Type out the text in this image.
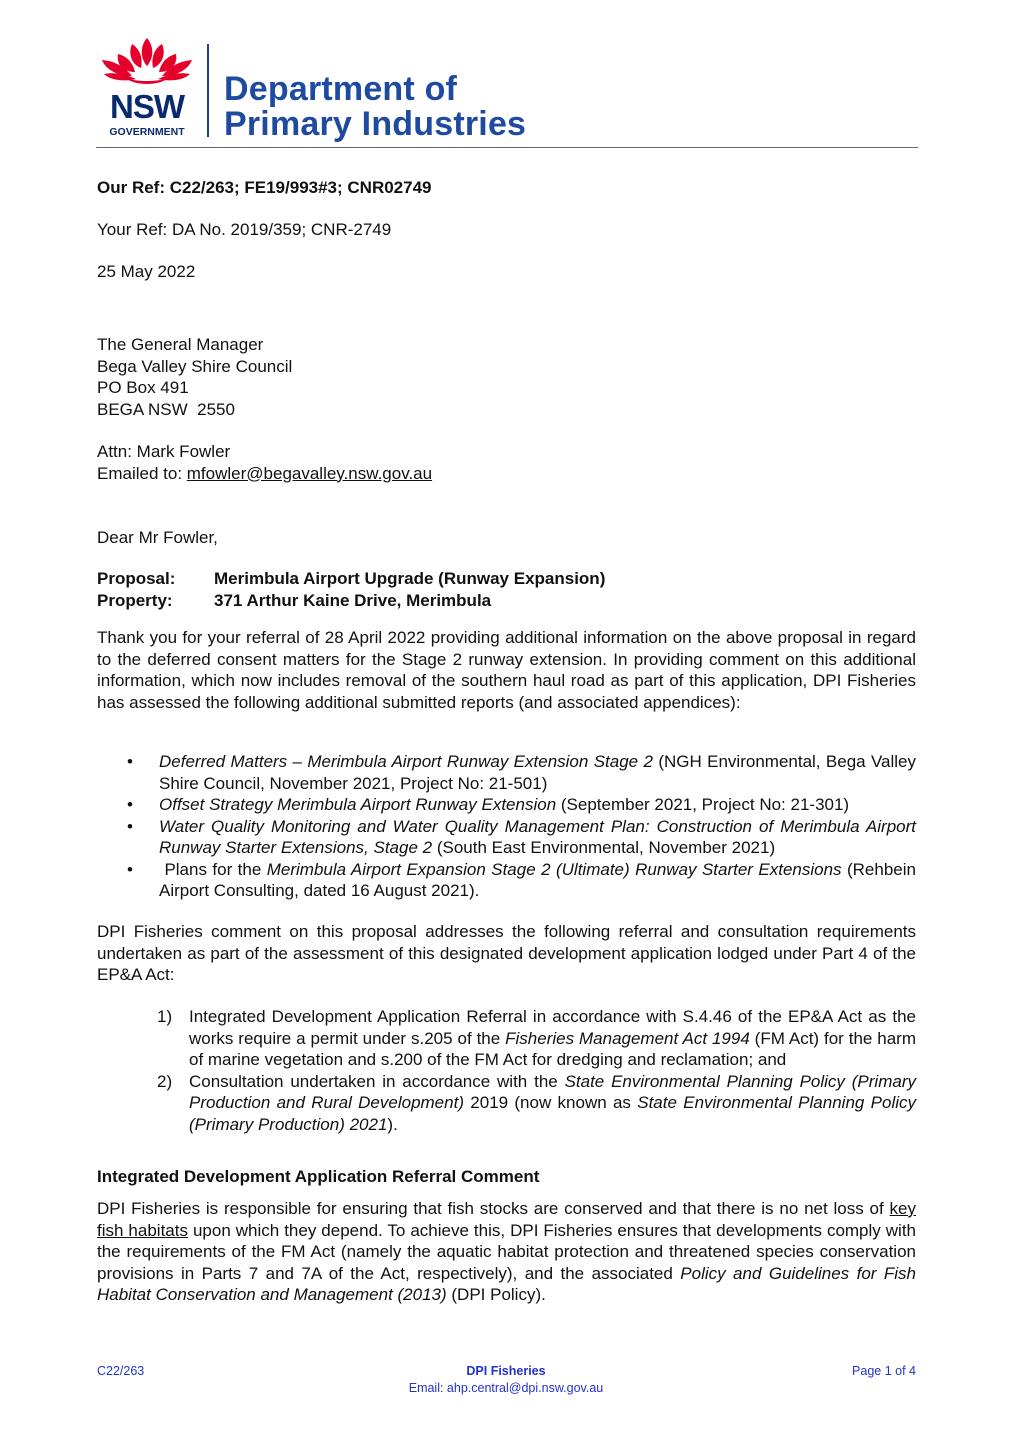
NSW
GOVERNMENT
Department of
Primary Industries
Our Ref: C22/263; FE19/993#3; CNR02749
Your Ref: DA No. 2019/359; CNR-2749
25 May 2022
The General Manager
Bega Valley Shire Council
PO Box 491
BEGA NSW  2550
Attn: Mark Fowler
Emailed to: mfowler@begavalley.nsw.gov.au
Dear Mr Fowler,
Proposal: Merimbula Airport Upgrade (Runway Expansion)
Property: 371 Arthur Kaine Drive, Merimbula
Thank you for your referral of 28 April 2022 providing additional information on the above proposal in regard to the deferred consent matters for the Stage 2 runway extension. In providing comment on this additional information, which now includes removal of the southern haul road as part of this application, DPI Fisheries has assessed the following additional submitted reports (and associated appendices):
• Deferred Matters – Merimbula Airport Runway Extension Stage 2 (NGH Environmental, Bega Valley Shire Council, November 2021, Project No: 21-501)
• Offset Strategy Merimbula Airport Runway Extension (September 2021, Project No: 21-301)
• Water Quality Monitoring and Water Quality Management Plan: Construction of Merimbula Airport Runway Starter Extensions, Stage 2 (South East Environmental, November 2021)
• Plans for the Merimbula Airport Expansion Stage 2 (Ultimate) Runway Starter Extensions (Rehbein Airport Consulting, dated 16 August 2021).
DPI Fisheries comment on this proposal addresses the following referral and consultation requirements undertaken as part of the assessment of this designated development application lodged under Part 4 of the EP&A Act:
1) Integrated Development Application Referral in accordance with S.4.46 of the EP&A Act as the works require a permit under s.205 of the Fisheries Management Act 1994 (FM Act) for the harm of marine vegetation and s.200 of the FM Act for dredging and reclamation; and
2) Consultation undertaken in accordance with the State Environmental Planning Policy (Primary Production and Rural Development) 2019 (now known as State Environmental Planning Policy (Primary Production) 2021).
Integrated Development Application Referral Comment
DPI Fisheries is responsible for ensuring that fish stocks are conserved and that there is no net loss of key fish habitats upon which they depend. To achieve this, DPI Fisheries ensures that developments comply with the requirements of the FM Act (namely the aquatic habitat protection and threatened species conservation provisions in Parts 7 and 7A of the Act, respectively), and the associated Policy and Guidelines for Fish Habitat Conservation and Management (2013) (DPI Policy).
C22/263	DPI Fisheries
Email: ahp.central@dpi.nsw.gov.au
Page 1 of 4
